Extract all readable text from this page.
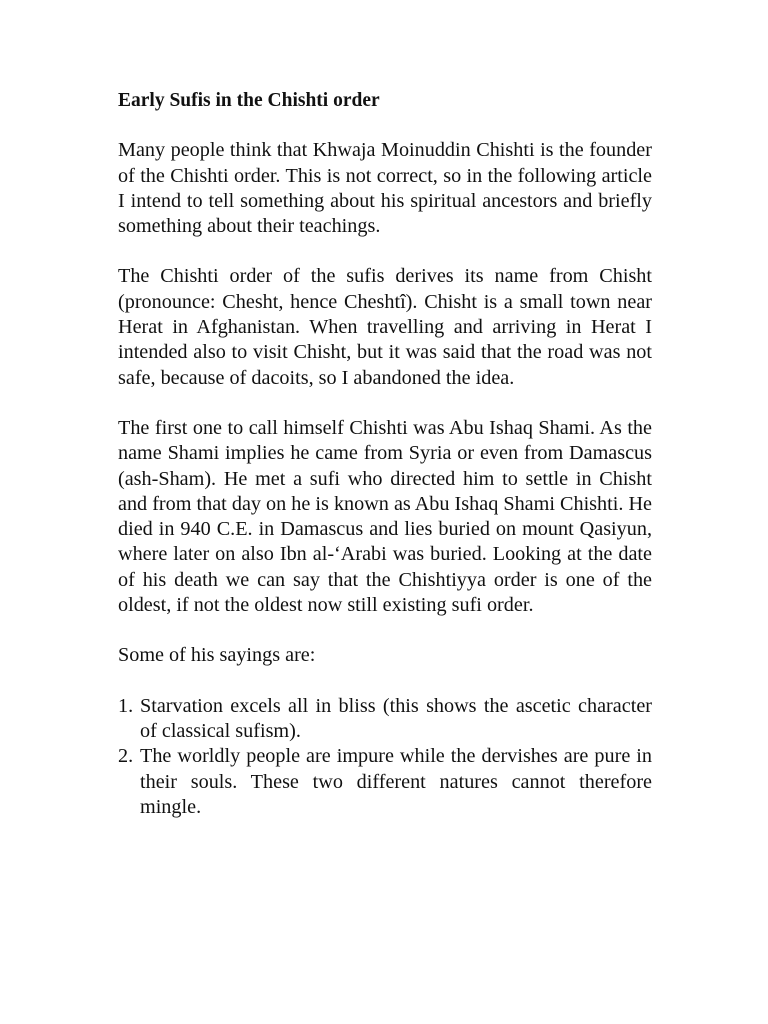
Early Sufis in the Chishti order

Many people think that Khwaja Moinuddin Chishti is the founder of the Chishti order. This is not correct, so in the following article I intend to tell something about his spiritual ancestors and briefly something about their teachings.

The Chishti order of the sufis derives its name from Chisht (pronounce: Chesht, hence Cheshtî). Chisht is a small town near Herat in Afghanistan. When travelling and arriving in Herat I intended also to visit Chisht, but it was said that the road was not safe, because of dacoits, so I abandoned the idea.

The first one to call himself Chishti was Abu Ishaq Shami. As the name Shami implies he came from Syria or even from Damascus (ash-Sham). He met a sufi who directed him to settle in Chisht and from that day on he is known as Abu Ishaq Shami Chishti. He died in 940 C.E. in Damascus and lies buried on mount Qasiyun, where later on also Ibn al-‘Arabi was buried. Looking at the date of his death we can say that the Chishtiyya order is one of the oldest, if not the oldest now still existing sufi order.

Some of his sayings are:

1. Starvation excels all in bliss (this shows the ascetic character of classical sufism).
2. The worldly people are impure while the dervishes are pure in their souls. These two different natures cannot therefore mingle.
